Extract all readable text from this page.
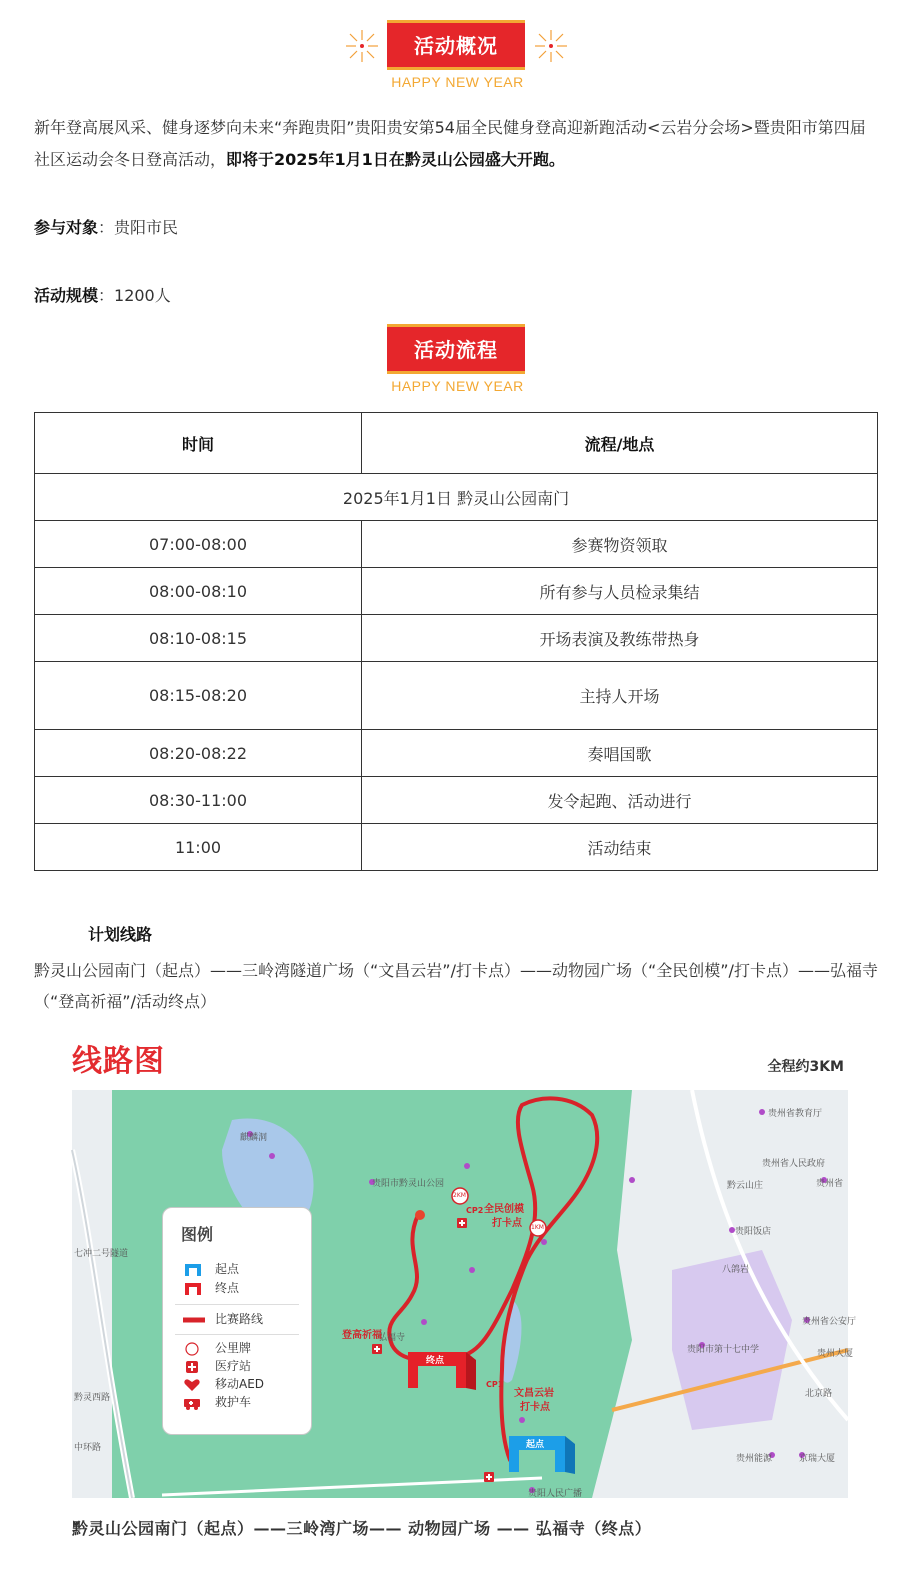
活动概况
HAPPY NEW YEAR
新年登高展风采、健身逐梦向未来“奔跑贵阳”贵阳贵安第54届全民健身登高迎新跑活动<云岩分会场>暨贵阳市第四届社区运动会冬日登高活动，即将于2025年1月1日在黔灵山公园盛大开跑。
参与对象：贵阳市民
活动规模：1200人
活动流程
HAPPY NEW YEAR
时间	流程/地点
2025年1月1日 黔灵山公园南门	
07:00-08:00	参赛物资领取
08:00-08:10	所有参与人员检录集结
08:10-08:15	开场表演及教练带热身
08:15-08:20	主持人开场
08:20-08:22	奏唱国歌
08:30-11:00	发令起跑、活动进行
11:00	活动结束
计划线路
黔灵山公园南门（起点）——三岭湾隧道广场（“文昌云岩”/打卡点）——动物园广场（“全民创模”/打卡点）——弘福寺（“登高祈福”/活动终点）
线路图	全程约3KM
贵州省教育厅
贵州省人民政府
黔云山庄
贵阳饭店
贵阳市第十七中学
贵州省公安厅
贵州能源	京瑞大厦
七冲二号隧道
贵阳市黔灵山公园
弘福寺
麒麟洞
贵阳人民广播
黔灵西路
中环路
八鸽岩
北京路
贵州大厦
贵州省
全民创模
打卡点
CP2
文昌云岩
打卡点
CP1
登高祈福
2KM
1KM
终点
起点
图例
起点
终点
比赛路线
公里牌
医疗站
移动AED
救护车
黔灵山公园南门（起点）——三岭湾广场—— 动物园广场 —— 弘福寺（终点）
